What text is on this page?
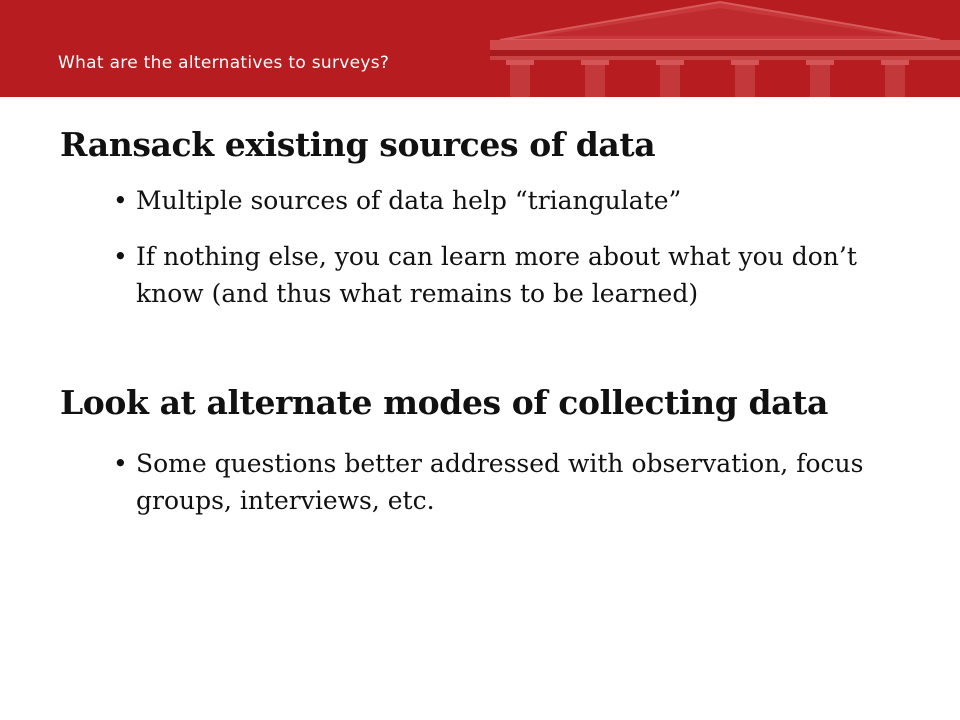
What are the alternatives to surveys?
Ransack existing sources of data
• Multiple sources of data help “triangulate”
• If nothing else, you can learn more about what you don’t know (and thus what remains to be learned)
Look at alternate modes of collecting data
• Some questions better addressed with observation, focus groups, interviews, etc.
